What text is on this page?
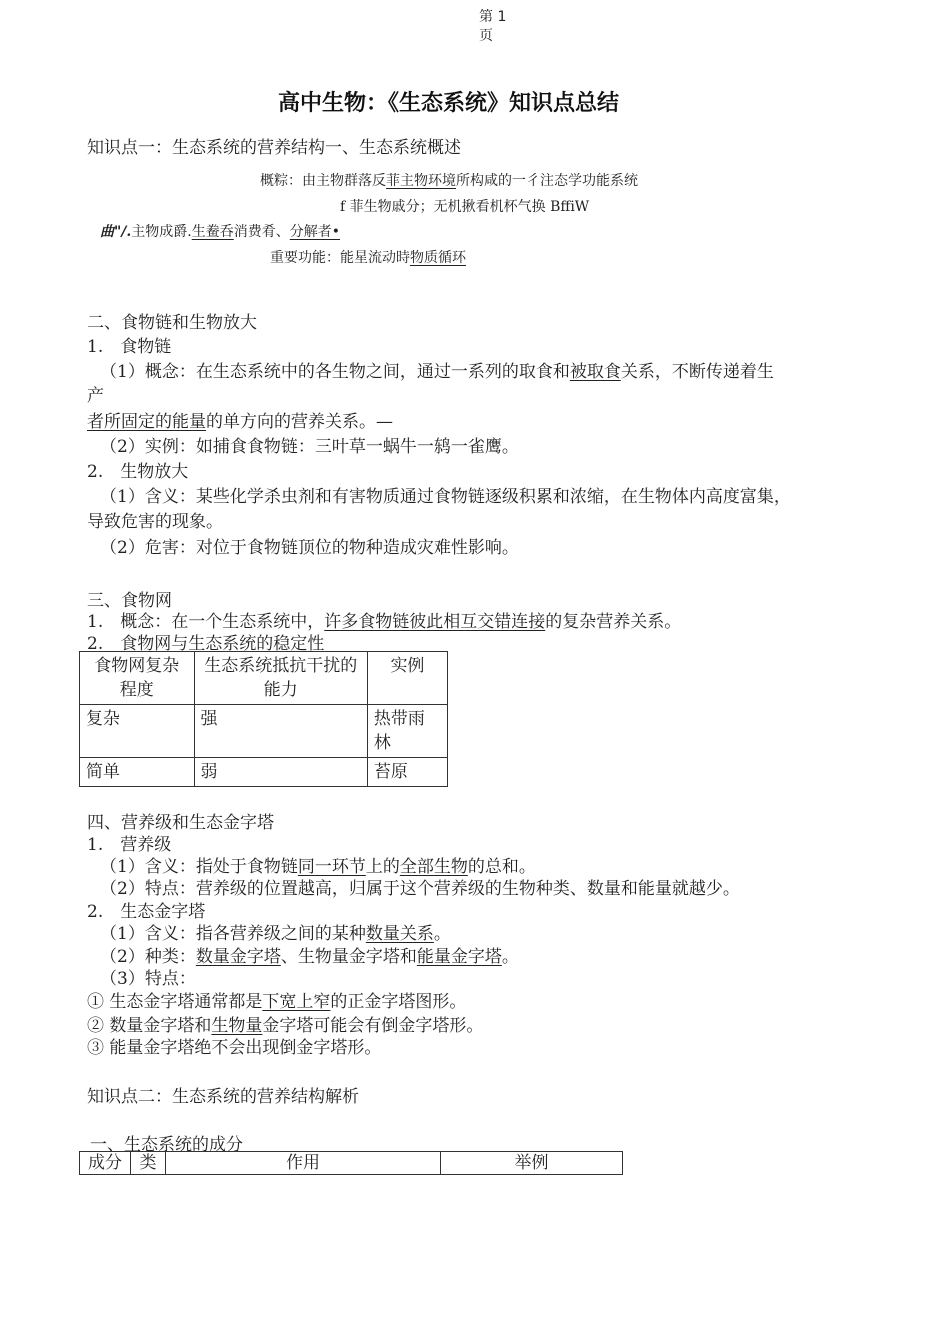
第 1
页
高中生物：《生态系统》知识点总结
知识点一：生态系统的营养结构一、生态系统概述
概粽：由主物群落反菲主物环境所构咸的一彳注态学功能系统
f 菲生物戚分；无机揪看机杯气换 BffiW
曲"/.主物成爵.生鲞呑消费肴、分解者•
重要功能：能星流动時物质循环
二、食物链和生物放大
1.　食物链
（1）概念：在生态系统中的各生物之间，通过一系列的取食和被取食关系，不断传递着生
产
者所固定的能量的单方向的营养关系。—
（2）实例：如捕食食物链：三叶草一蜗牛一鸫一雀鹰。
2.　生物放大
（1）含义：某些化学杀虫剂和有害物质通过食物链逐级积累和浓缩，在生物体内高度富集，
导致危害的现象。
（2）危害：对位于食物链顶位的物种造成灾难性影响。
三、食物网
1.　概念：在一个生态系统中，许多食物链彼此相互交错连接的复杂营养关系。
2.　食物网与生态系统的稳定性
食物网复杂程度	生态系统抵抗干扰的能力	实例
复杂	强	热带雨林
简单	弱	苔原
四、营养级和生态金字塔
1.　营养级
（1）含义：指处于食物链同一环节上的全部生物的总和。
（2）特点：营养级的位置越高，归属于这个营养级的生物种类、数量和能量就越少。
2.　生态金字塔
（1）含义：指各营养级之间的某种数量关系。
（2）种类：数量金字塔、生物量金字塔和能量金字塔。
（3）特点：
① 生态金字塔通常都是下宽上窄的正金字塔图形。
② 数量金字塔和生物量金字塔可能会有倒金字塔形。
③ 能量金字塔绝不会出现倒金字塔形。
知识点二：生态系统的营养结构解析
一、生态系统的成分
成分	类	作用	举例
